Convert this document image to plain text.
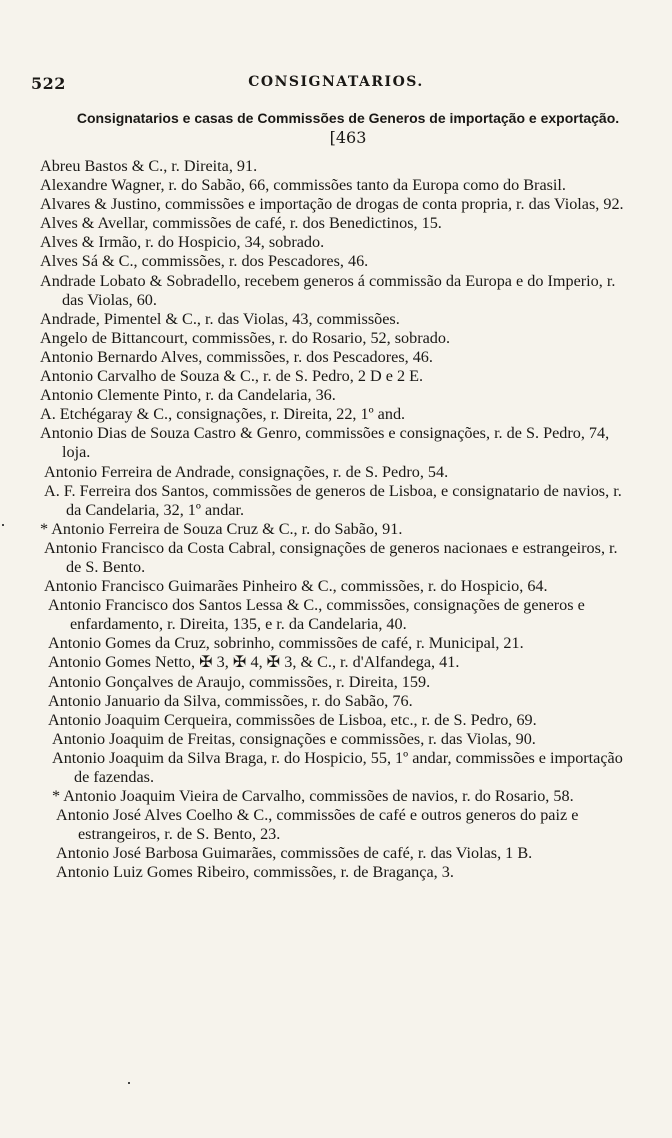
522	CONSIGNATARIOS.
Consignatarios e casas de Commissões de Generos de importação e exportação. [463

Abreu Bastos & C., r. Direita, 91.

Alexandre Wagner, r. do Sabão, 66, commissões tanto da Europa como do Brasil.

Alvares & Justino, commissões e importação de drogas de conta propria, r. das Violas, 92.

Alves & Avellar, commissões de café, r. dos Benedictinos, 15.

Alves & Irmão, r. do Hospicio, 34, sobrado.

Alves Sá & C., commissões, r. dos Pescadores, 46.

Andrade Lobato & Sobradello, recebem generos á commissão da Europa e do Imperio, r. das Violas, 60.

Andrade, Pimentel & C., r. das Violas, 43, commissões.

Angelo de Bittancourt, commissões, r. do Rosario, 52, sobrado.

Antonio Bernardo Alves, commissões, r. dos Pescadores, 46.

Antonio Carvalho de Souza & C., r. de S. Pedro, 2 D e 2 E.

Antonio Clemente Pinto, r. da Candelaria, 36.

A. Etchégaray & C., consignações, r. Direita, 22, 1º and.

Antonio Dias de Souza Castro & Genro, commissões e consignações, r. de S. Pedro, 74, loja.

Antonio Ferreira de Andrade, consignações, r. de S. Pedro, 54.

A. F. Ferreira dos Santos, commissões de generos de Lisboa, e consignatario de navios, r. da Candelaria, 32, 1º andar.

* Antonio Ferreira de Souza Cruz & C., r. do Sabão, 91.

Antonio Francisco da Costa Cabral, consignações de generos nacionaes e estrangeiros, r. de S. Bento.

Antonio Francisco Guimarães Pinheiro & C., commissões, r. do Hospicio, 64.

Antonio Francisco dos Santos Lessa & C., commissões, consignações de generos e enfardamento, r. Direita, 135, e r. da Candelaria, 40.

Antonio Gomes da Cruz, sobrinho, commissões de café, r. Municipal, 21.

Antonio Gomes Netto, ✠ 3, ✠ 4, ✠ 3, & C., r. d'Alfandega, 41.

Antonio Gonçalves de Araujo, commissões, r. Direita, 159.

Antonio Januario da Silva, commissões, r. do Sabão, 76.

Antonio Joaquim Cerqueira, commissões de Lisboa, etc., r. de S. Pedro, 69.

Antonio Joaquim de Freitas, consignações e commissões, r. das Violas, 90.

Antonio Joaquim da Silva Braga, r. do Hospicio, 55, 1º andar, commissões e importação de fazendas.

* Antonio Joaquim Vieira de Carvalho, commissões de navios, r. do Rosario, 58.

Antonio José Alves Coelho & C., commissões de café e outros generos do paiz e estrangeiros, r. de S. Bento, 23.

Antonio José Barbosa Guimarães, commissões de café, r. das Violas, 1 B.

Antonio Luiz Gomes Ribeiro, commissões, r. de Bragança, 3.
